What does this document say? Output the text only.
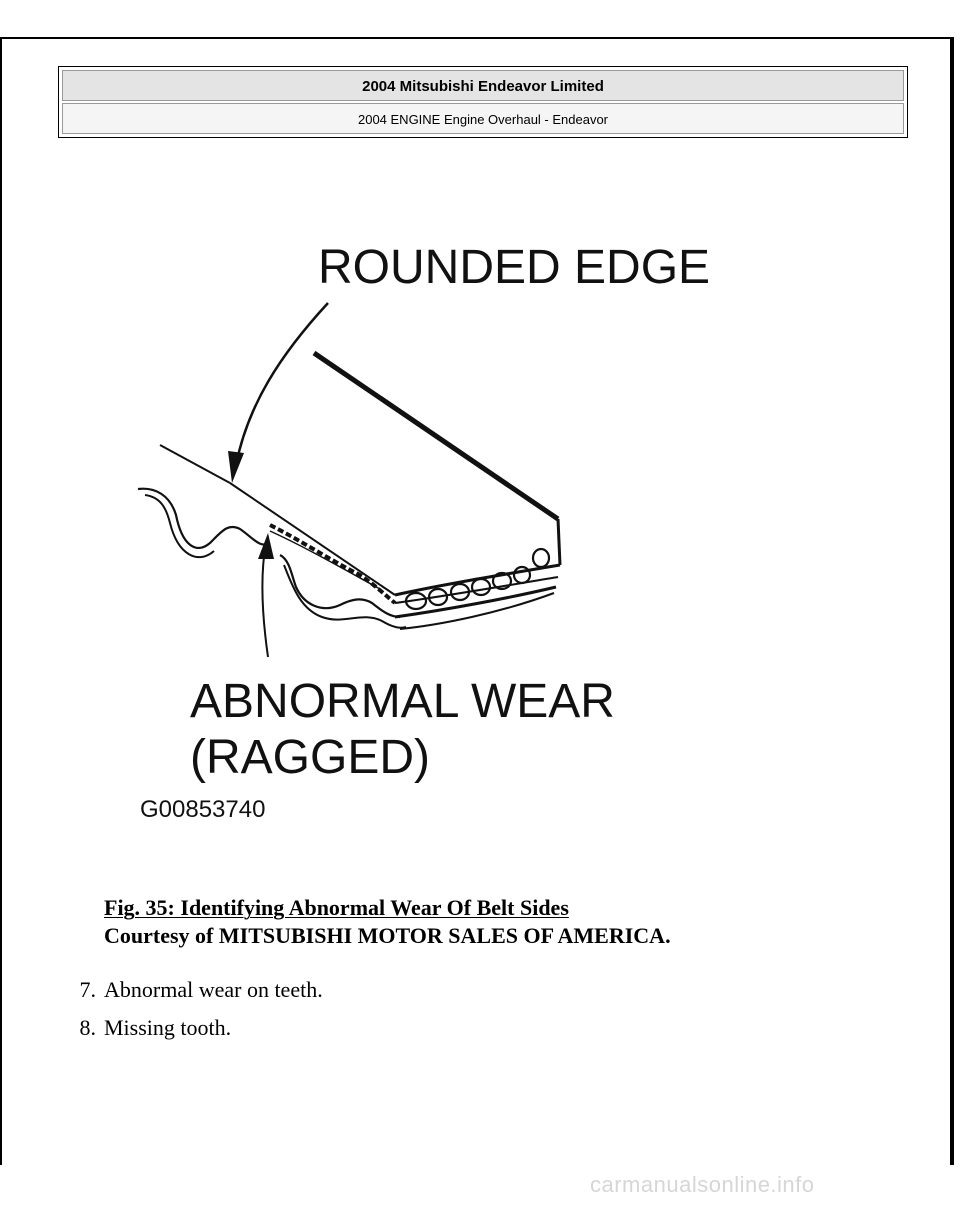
2004 Mitsubishi Endeavor Limited
2004 ENGINE Engine Overhaul - Endeavor
ROUNDED EDGE
ABNORMAL WEAR
(RAGGED)
G00853740
Fig. 35: Identifying Abnormal Wear Of Belt Sides
Courtesy of MITSUBISHI MOTOR SALES OF AMERICA.
7. Abnormal wear on teeth.
8. Missing tooth.
carmanualsonline.info
